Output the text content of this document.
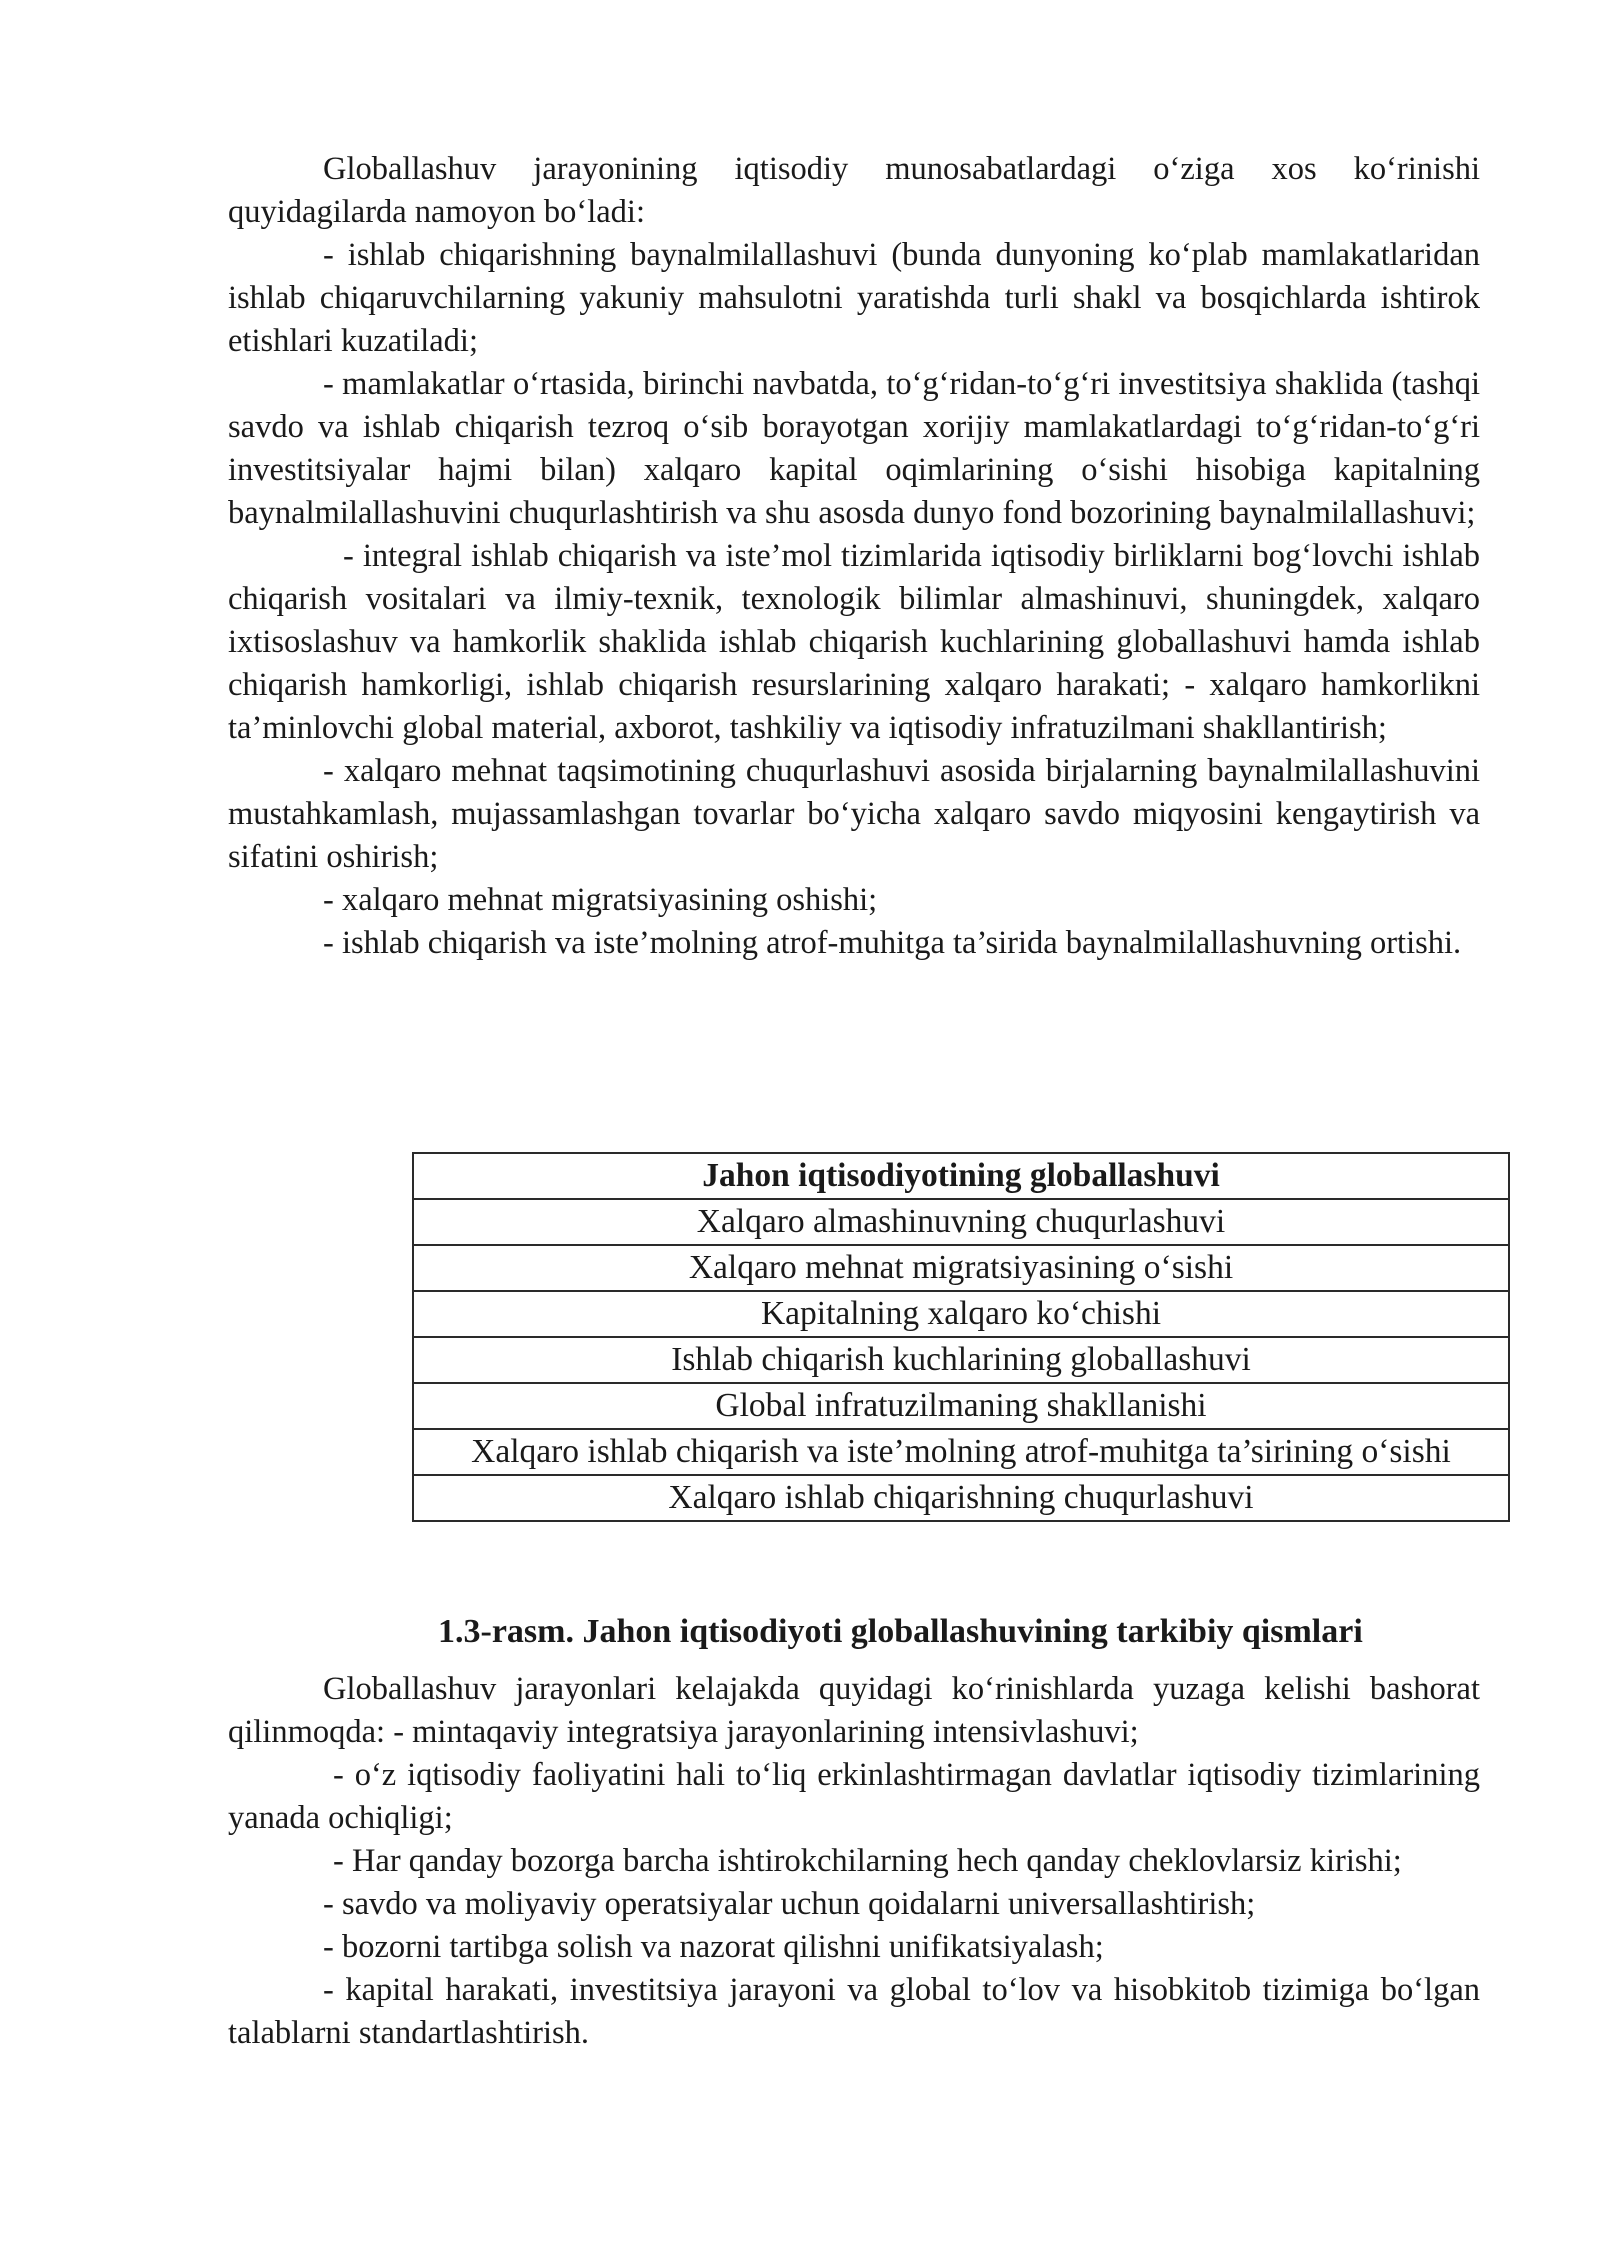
Globallashuv jarayonining iqtisodiy munosabatlardagi o‘ziga xos ko‘rinishi quyidagilarda namoyon bo‘ladi:

- ishlab chiqarishning baynalmilallashuvi (bunda dunyoning ko‘plab mamlakatlaridan ishlab chiqaruvchilarning yakuniy mahsulotni yaratishda turli shakl va bosqichlarda ishtirok etishlari kuzatiladi;

- mamlakatlar o‘rtasida, birinchi navbatda, to‘g‘ridan-to‘g‘ri investitsiya shaklida (tashqi savdo va ishlab chiqarish tezroq o‘sib borayotgan xorijiy mamlakatlardagi to‘g‘ridan-to‘g‘ri investitsiyalar hajmi bilan) xalqaro kapital oqimlarining o‘sishi hisobiga kapitalning baynalmilallashuvini chuqurlashtirish va shu asosda dunyo fond bozorining baynalmilallashuvi;

- integral ishlab chiqarish va iste’mol tizimlarida iqtisodiy birliklarni bog‘lovchi ishlab chiqarish vositalari va ilmiy-texnik, texnologik bilimlar almashinuvi, shuningdek, xalqaro ixtisoslashuv va hamkorlik shaklida ishlab chiqarish kuchlarining globallashuvi hamda ishlab chiqarish hamkorligi, ishlab chiqarish resurslarining xalqaro harakati; - xalqaro hamkorlikni ta’minlovchi global material, axborot, tashkiliy va iqtisodiy infratuzilmani shakllantirish;

- xalqaro mehnat taqsimotining chuqurlashuvi asosida birjalarning baynalmilallashuvini mustahkamlash, mujassamlashgan tovarlar bo‘yicha xalqaro savdo miqyosini kengaytirish va sifatini oshirish;

- xalqaro mehnat migratsiyasining oshishi;

- ishlab chiqarish va iste’molning atrof-muhitga ta’sirida baynalmilallashuvning ortishi.

Jahon iqtisodiyotining globallashuvi
Xalqaro almashinuvning chuqurlashuvi
Xalqaro mehnat migratsiyasining o‘sishi
Kapitalning xalqaro ko‘chishi
Ishlab chiqarish kuchlarining globallashuvi
Global infratuzilmaning shakllanishi
Xalqaro ishlab chiqarish va iste’molning atrof-muhitga ta’sirining o‘sishi
Xalqaro ishlab chiqarishning chuqurlashuvi
1.3-rasm. Jahon iqtisodiyoti globallashuvining tarkibiy qismlari

Globallashuv jarayonlari kelajakda quyidagi ko‘rinishlarda yuzaga kelishi bashorat qilinmoqda: - mintaqaviy integratsiya jarayonlarining intensivlashuvi;

- o‘z iqtisodiy faoliyatini hali to‘liq erkinlashtirmagan davlatlar iqtisodiy tizimlarining yanada ochiqligi;

- Har qanday bozorga barcha ishtirokchilarning hech qanday cheklovlarsiz kirishi;

- savdo va moliyaviy operatsiyalar uchun qoidalarni universallashtirish;

- bozorni tartibga solish va nazorat qilishni unifikatsiyalash;

- kapital harakati, investitsiya jarayoni va global to‘lov va hisobkitob tizimiga bo‘lgan talablarni standartlashtirish.
